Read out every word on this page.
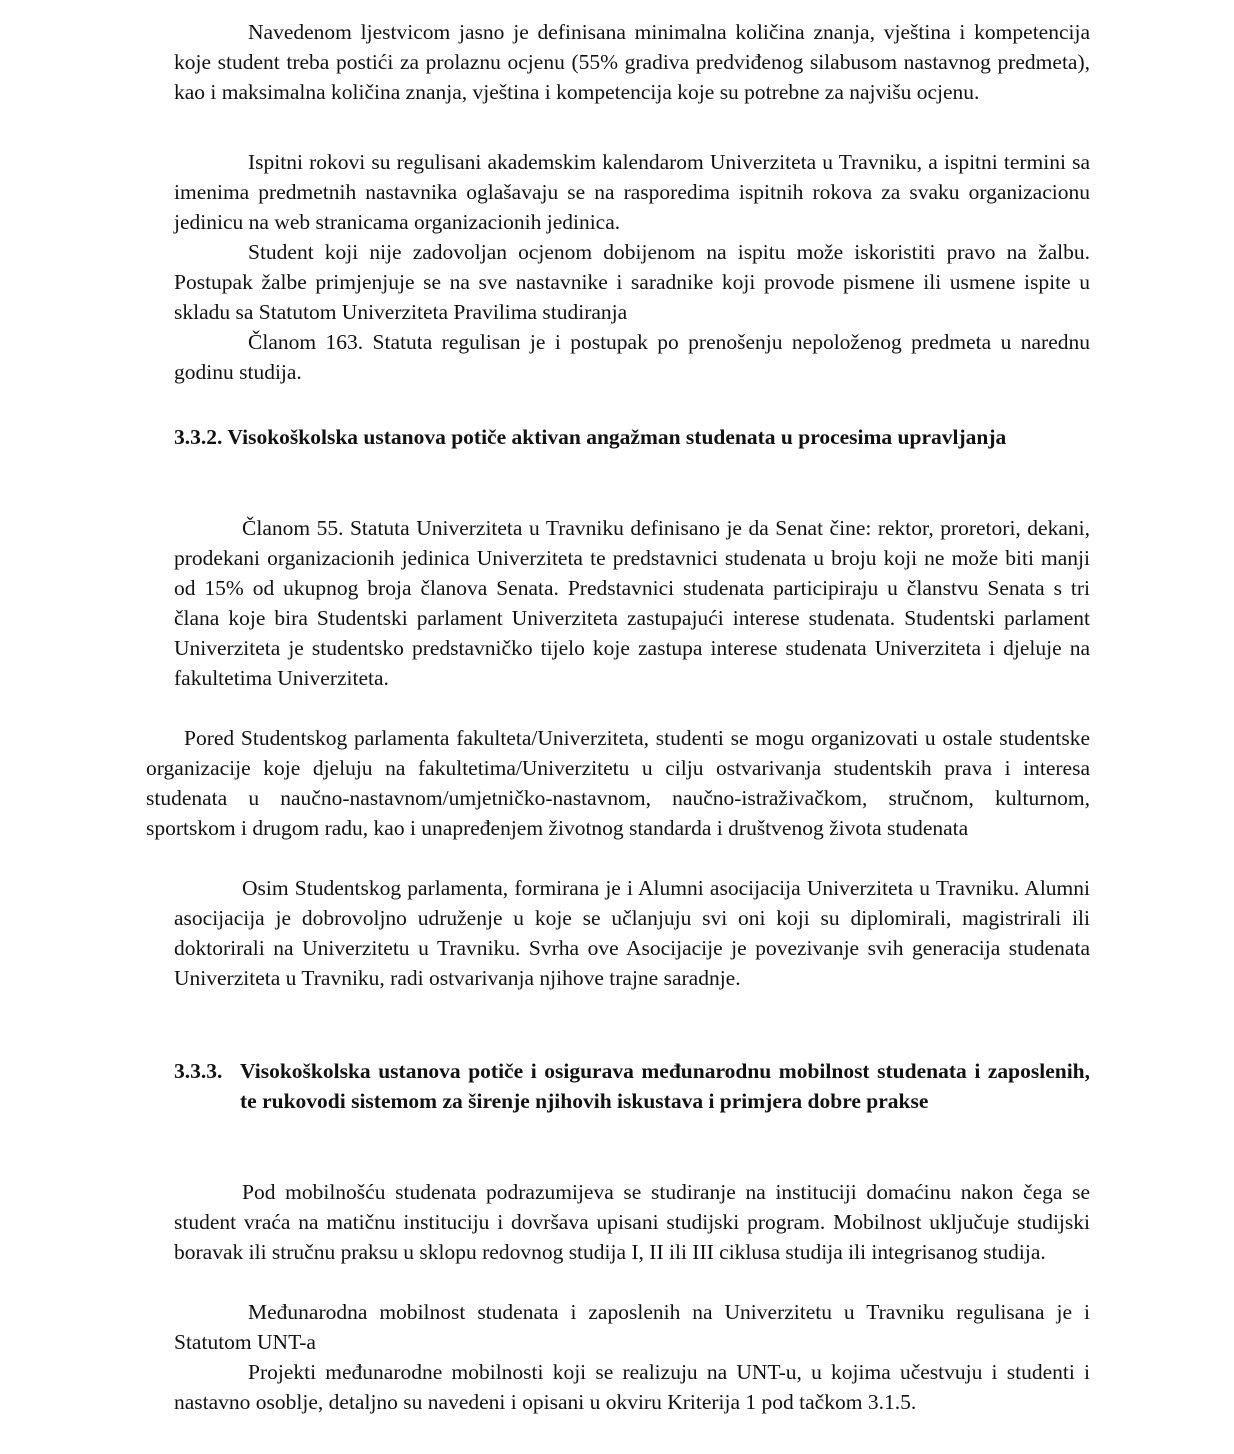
Navedenom ljestvicom jasno je definisana minimalna količina znanja, vještina i kompetencija koje student treba postići za prolaznu ocjenu (55% gradiva predviđenog silabusom nastavnog predmeta), kao i maksimalna količina znanja, vještina i kompetencija koje su potrebne za najvišu ocjenu.

Ispitni rokovi su regulisani akademskim kalendarom Univerziteta u Travniku, a ispitni termini sa imenima predmetnih nastavnika oglašavaju se na rasporedima ispitnih rokova za svaku organizacionu jedinicu na web stranicama organizacionih jedinica.

Student koji nije zadovoljan ocjenom dobijenom na ispitu može iskoristiti pravo na žalbu. Postupak žalbe primjenjuje se na sve nastavnike i saradnike koji provode pismene ili usmene ispite u skladu sa Statutom Univerziteta Pravilima studiranja

Članom 163. Statuta regulisan je i postupak po prenošenju nepoloženog predmeta u narednu godinu studija.

3.3.2. Visokoškolska ustanova potiče aktivan angažman studenata u procesima upravljanja

Članom 55. Statuta Univerziteta u Travniku definisano je da Senat čine: rektor, proretori, dekani, prodekani organizacionih jedinica Univerziteta te predstavnici studenata u broju koji ne može biti manji od 15% od ukupnog broja članova Senata. Predstavnici studenata participiraju u članstvu Senata s tri člana koje bira Studentski parlament Univerziteta zastupajući interese studenata. Studentski parlament Univerziteta je studentsko predstavničko tijelo koje zastupa interese studenata Univerziteta i djeluje na fakultetima Univerziteta.

Pored Studentskog parlamenta fakulteta/Univerziteta, studenti se mogu organizovati u ostale studentske organizacije koje djeluju na fakultetima/Univerzitetu u cilju ostvarivanja studentskih prava i interesa studenata u naučno-nastavnom/umjetničko-nastavnom, naučno-istraživačkom, stručnom, kulturnom, sportskom i drugom radu, kao i unapređenjem životnog standarda i društvenog života studenata

Osim Studentskog parlamenta, formirana je i Alumni asocijacija Univerziteta u Travniku. Alumni asocijacija je dobrovoljno udruženje u koje se učlanjuju svi oni koji su diplomirali, magistrirali ili doktorirali na Univerzitetu u Travniku. Svrha ove Asocijacije je povezivanje svih generacija studenata Univerziteta u Travniku, radi ostvarivanja njihove trajne saradnje.

3.3.3. Visokoškolska ustanova potiče i osigurava međunarodnu mobilnost studenata i zaposlenih, te rukovodi sistemom za širenje njihovih iskustava i primjera dobre prakse

Pod mobilnošću studenata podrazumijeva se studiranje na instituciji domaćinu nakon čega se student vraća na matičnu instituciju i dovršava upisani studijski program. Mobilnost uključuje studijski boravak ili stručnu praksu u sklopu redovnog studija I, II ili III ciklusa studija ili integrisanog studija.

Međunarodna mobilnost studenata i zaposlenih na Univerzitetu u Travniku regulisana je i Statutom UNT-a

Projekti međunarodne mobilnosti koji se realizuju na UNT-u, u kojima učestvuju i studenti i nastavno osoblje, detaljno su navedeni i opisani u okviru Kriterija 1 pod tačkom 3.1.5.
